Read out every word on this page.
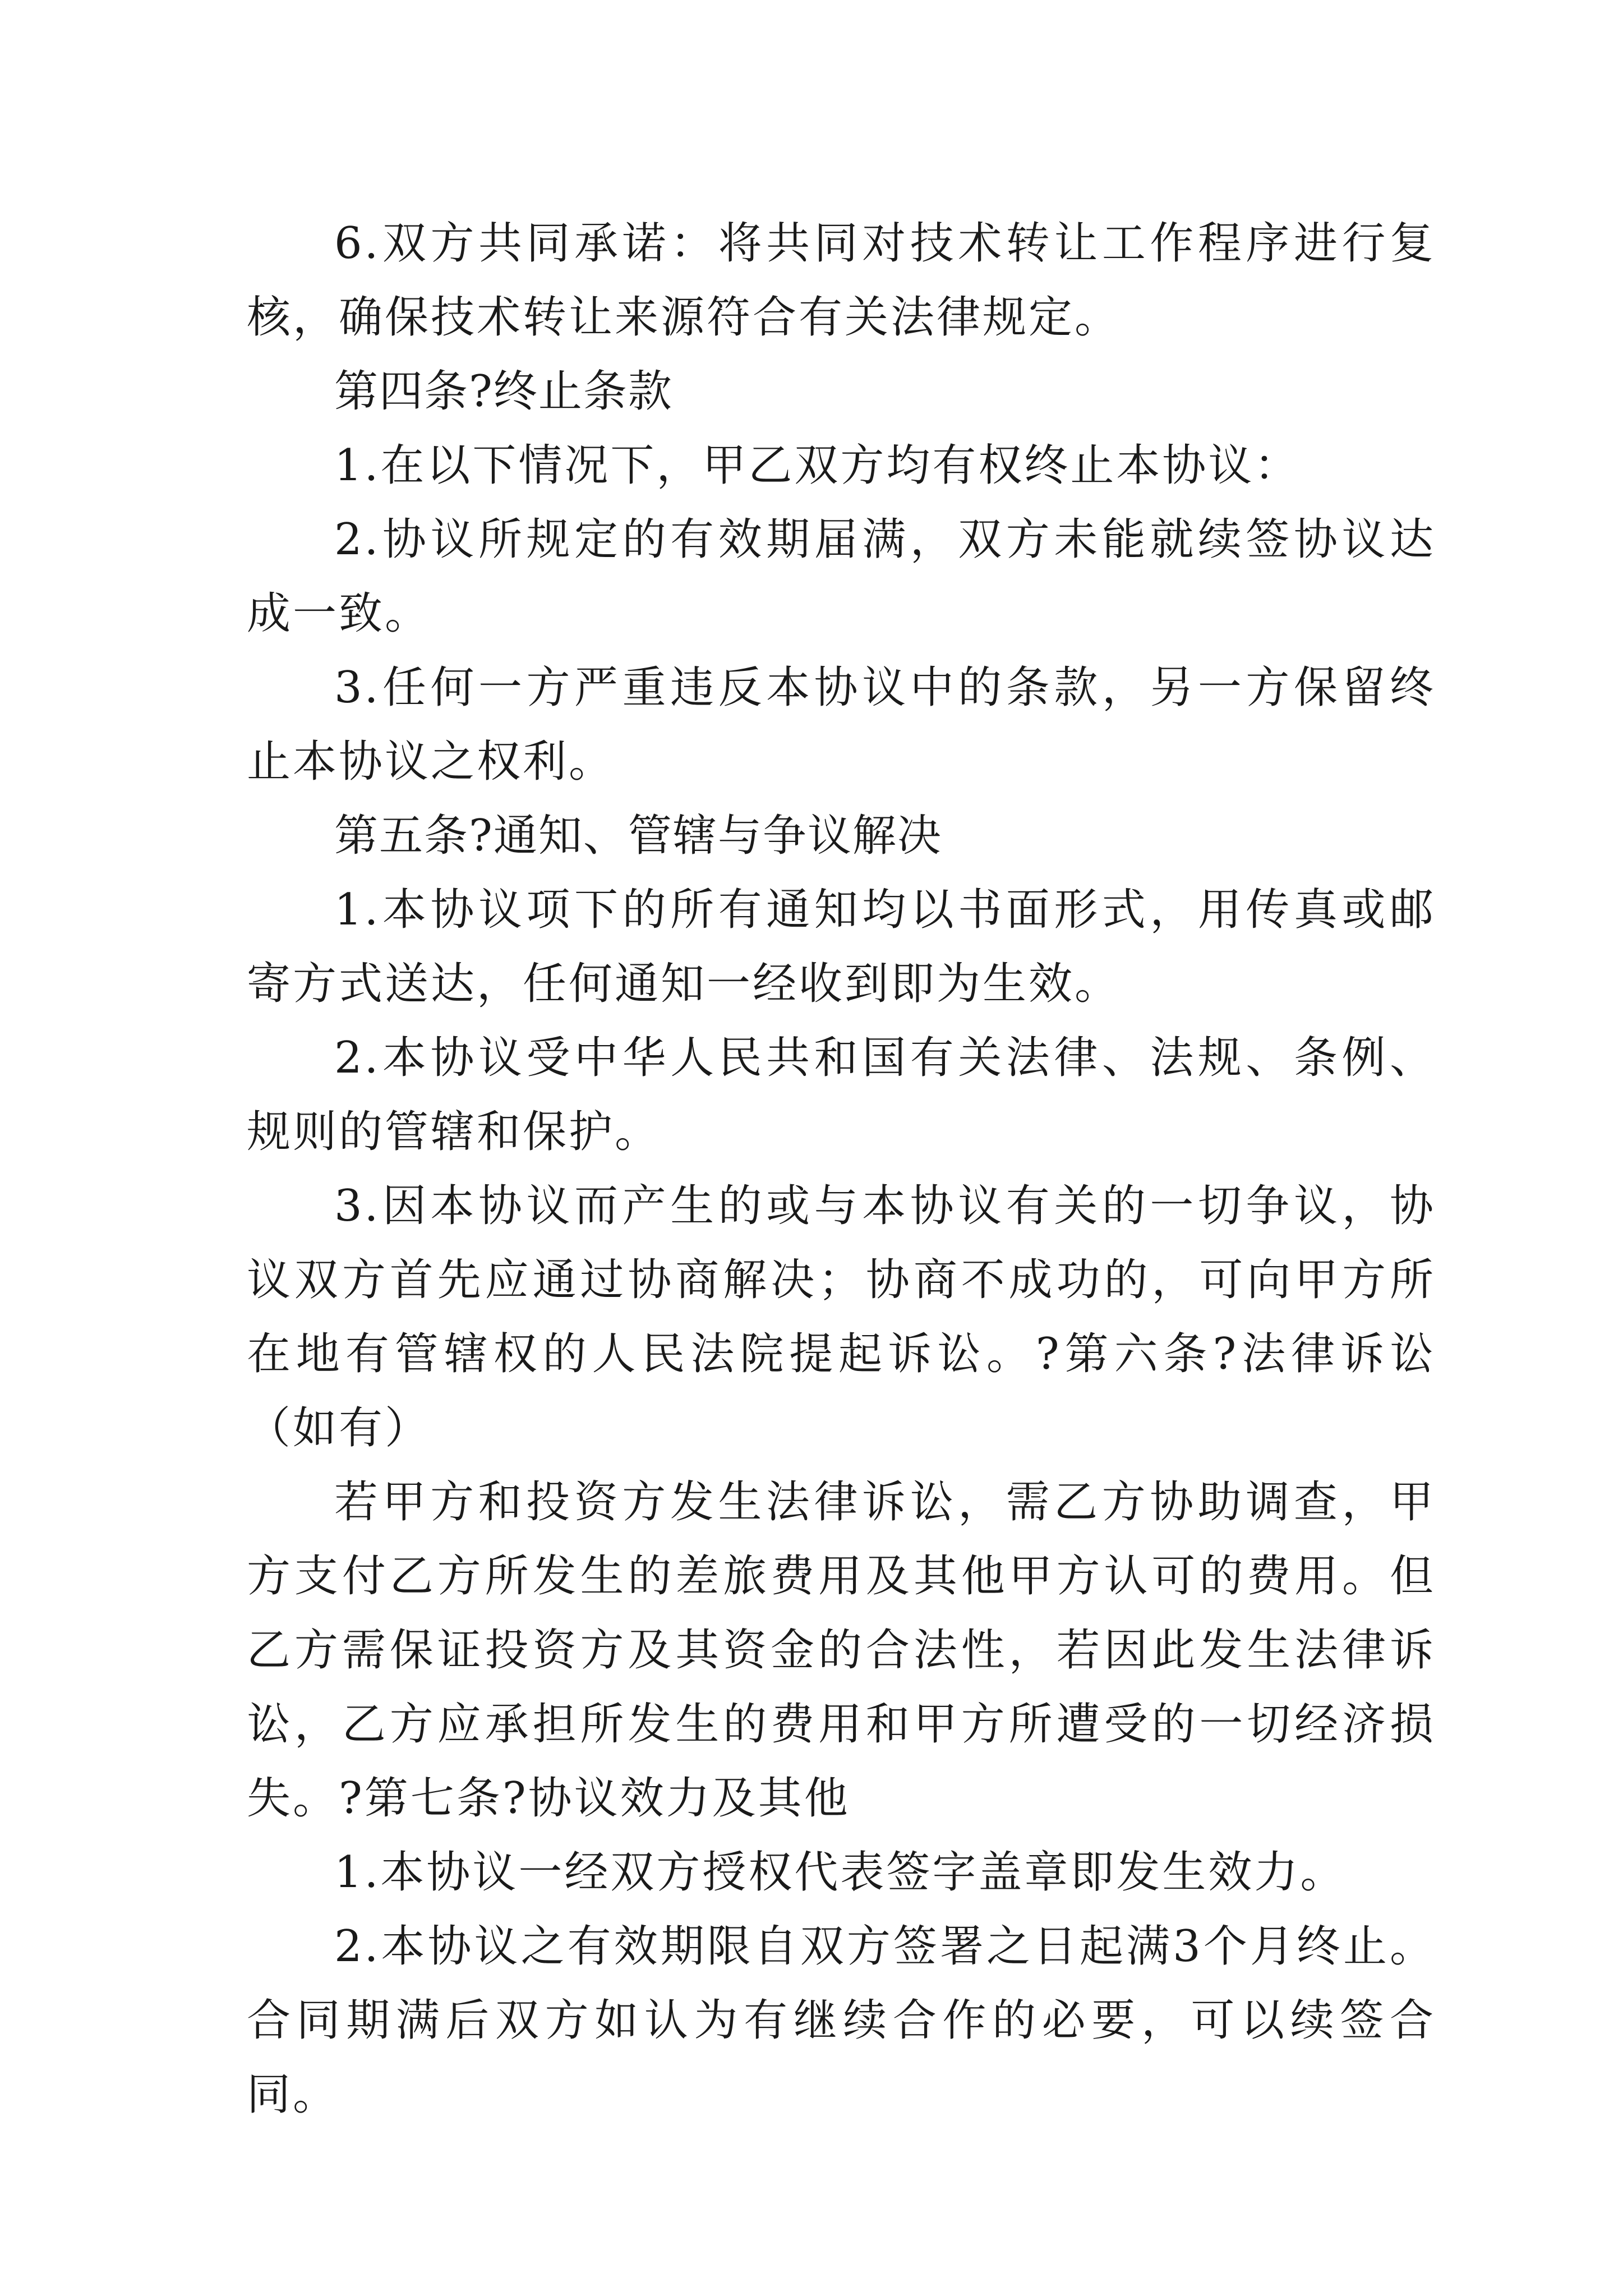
6.双方共同承诺：将共同对技术转让工作程序进行复核，确保技术转让来源符合有关法律规定。

第四条?终止条款

1.在以下情况下，甲乙双方均有权终止本协议：

2.协议所规定的有效期届满，双方未能就续签协议达成一致。

3.任何一方严重违反本协议中的条款，另一方保留终止本协议之权利。

第五条?通知、管辖与争议解决

1.本协议项下的所有通知均以书面形式，用传真或邮寄方式送达，任何通知一经收到即为生效。

2.本协议受中华人民共和国有关法律、法规、条例、规则的管辖和保护。

3.因本协议而产生的或与本协议有关的一切争议，协议双方首先应通过协商解决；协商不成功的，可向甲方所在地有管辖权的人民法院提起诉讼。?第六条?法律诉讼（如有）

若甲方和投资方发生法律诉讼，需乙方协助调查，甲方支付乙方所发生的差旅费用及其他甲方认可的费用。但乙方需保证投资方及其资金的合法性，若因此发生法律诉讼，乙方应承担所发生的费用和甲方所遭受的一切经济损失。?第七条?协议效力及其他

1.本协议一经双方授权代表签字盖章即发生效力。

2.本协议之有效期限自双方签署之日起满3个月终止。合同期满后双方如认为有继续合作的必要，可以续签合同。
